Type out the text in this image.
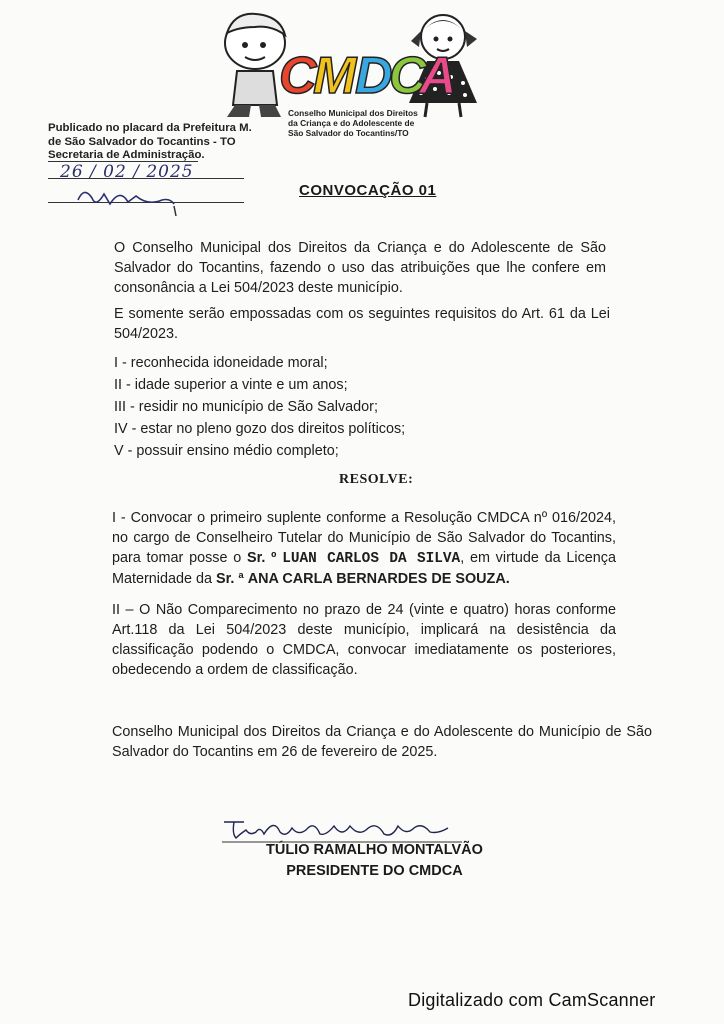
C
M
D
C
A
Conselho Municipal dos Direitos
da Criança e do Adolescente de
São Salvador do Tocantins/TO
Publicado no placard da Prefeitura M.
de São Salvador do Tocantins - TO
Secretaria de Administração.
26 / 02 / 2025
CONVOCAÇÃO 01
O Conselho Municipal dos Direitos da Criança e do Adolescente de São Salvador do Tocantins, fazendo o uso das atribuições que lhe confere em consonância a Lei 504/2023 deste município.
E somente serão empossadas com os seguintes requisitos do Art. 61 da Lei 504/2023.
I - reconhecida idoneidade moral;
II - idade superior a vinte e um anos;
III - residir no município de São Salvador;
IV - estar no pleno gozo dos direitos políticos;
V - possuir ensino médio completo;
RESOLVE:
I - Convocar o primeiro suplente conforme a Resolução CMDCA nº 016/2024, no cargo de Conselheiro Tutelar do Município de São Salvador do Tocantins, para tomar posse o Sr. º LUAN CARLOS DA SILVA, em virtude da Licença Maternidade da Sr. ª ANA CARLA BERNARDES DE SOUZA.
II – O Não Comparecimento no prazo de 24 (vinte e quatro) horas conforme Art.118 da Lei 504/2023 deste município, implicará na desistência da classificação podendo o CMDCA, convocar imediatamente os posteriores, obedecendo a ordem de classificação.
Conselho Municipal dos Direitos da Criança e do Adolescente do Município de São Salvador do Tocantins em 26 de fevereiro de 2025.
TÚLIO RAMALHO MONTALVÃO
PRESIDENTE DO CMDCA
Digitalizado com CamScanner
